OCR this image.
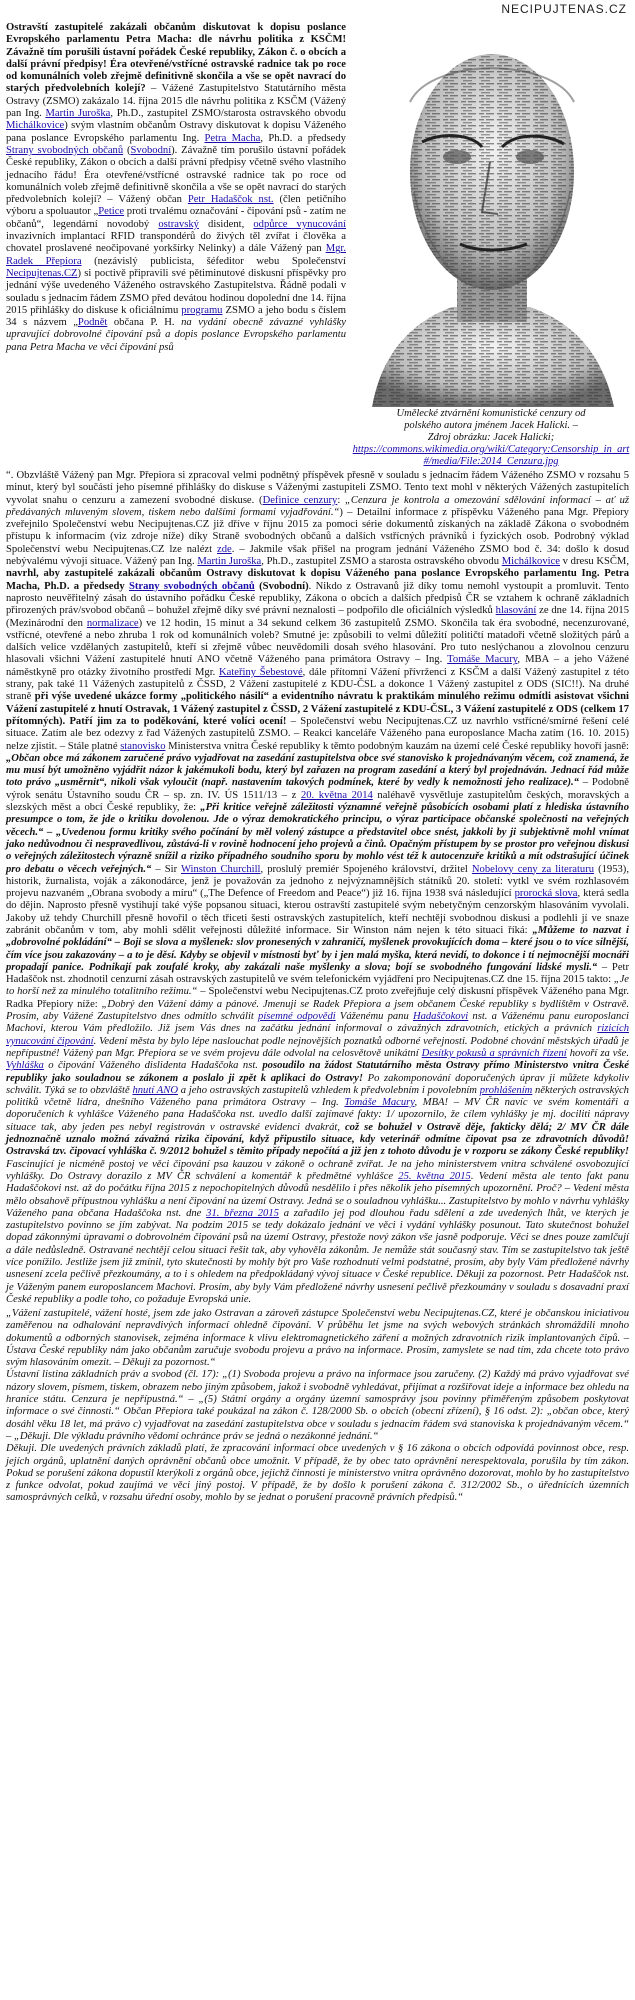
NECIPUJTENAS.CZ
Umělecké ztvárnění komunistické cenzury od
polského autora jménem Jacek Halicki. –
Zdroj obrázku: Jacek Halicki;
https://commons.wikimedia.org/wiki/Category:Censorship_in_art#/media/File:2014_Cenzura.jpg

Ostravští zastupitelé zakázali občanům diskutovat k dopisu poslance Evropského parlamentu Petra Macha: dle návrhu politika z KSČM! Závažně tím porušili ústavní pořádek České republiky, Zákon č. o obcích a další právní předpisy! Éra otevřené/vstřícné ostravské radnice tak po roce od komunálních voleb zřejmě definitivně skončila a vše se opět navrací do starých předvolebních kolejí? – Vážené Zastupitelstvo Statutárního města Ostravy (ZSMO) zakázalo 14. října 2015 dle návrhu politika z KSČM (Vážený pan Ing. Martin Juroška, Ph.D., zastupitel ZSMO/starosta ostravského obvodu Michálkovice) svým vlastním občanům Ostravy diskutovat k dopisu Váženého pana poslance Evropského parlamentu Ing. Petra Macha, Ph.D. a předsedy Strany svobodných občanů (Svobodní). Závažně tím porušilo ústavní pořádek České republiky, Zákon o obcích a další právní předpisy včetně svého vlastního jednacího řádu! Éra otevřené/vstřícné ostravské radnice tak po roce od komunálních voleb zřejmě definitivně skončila a vše se opět navrací do starých předvolebních kolejí? – Vážený občan Petr Hadaščok nst. (člen petičního výboru a spoluautor „Petice proti trvalému označování - čipování psů - zatím ne občanů“, legendární novodobý ostravský disident, odpůrce vynucování invazivních implantací RFID transpondérů do živých těl zvířat i člověka a chovatel proslavené neočipované yorkšírky Nelinky) a dále Vážený pan Mgr. Radek Přepiora (nezávislý publicista, šéfeditor webu Společenství Necipujtenas.CZ) si poctivě připravili své pětiminutové diskusní příspěvky pro jednání výše uvedeného Váženého ostravského Zastupitelstva. Řádně podali v souladu s jednacím řádem ZSMO před devátou hodinou dopolední dne 14. října 2015 přihlášky do diskuse k oficiálnímu programu ZSMO a jeho bodu s číslem 34 s názvem „Podnět občana P. H. na vydání obecně závazné vyhlášky upravující dobrovolné čipování psů a dopis poslance Evropského parlamentu pana Petra Macha ve věci čipování psů

“. Obzvláště Vážený pan Mgr. Přepiora si zpracoval velmi podnětný příspěvek přesně v souladu s jednacím řádem Váženého ZSMO v rozsahu 5 minut, který byl součástí jeho písemné přihlášky do diskuse s Váženými zastupiteli ZSMO. Tento text mohl v některých Vážených zastupitelích vyvolat snahu o cenzuru a zamezení svobodné diskuse. (Definice cenzury: „Cenzura je kontrola a omezování sdělování informací – ať už předávaných mluveným slovem, tiskem nebo dalšími formami vyjadřování.“) – Detailní informace z příspěvku Váženého pana Mgr. Přepiory zveřejnilo Společenství webu Necipujtenas.CZ již dříve v říjnu 2015 za pomoci série dokumentů získaných na základě Zákona o svobodném přístupu k informacím (viz zdroje níže) díky Straně svobodných občanů a dalších vstřícných právníků i fyzických osob. Podrobný výklad Společenství webu Necipujtenas.CZ lze nalézt zde. – Jakmile však přišel na program jednání Váženého ZSMO bod č. 34: došlo k dosud nebývalému vývoji situace. Vážený pan Ing. Martin Juroška, Ph.D., zastupitel ZSMO a starosta ostravského obvodu Michálkovice v dresu KSČM, navrhl, aby zastupitelé zakázali občanům Ostravy diskutovat k dopisu Váženého pana poslance Evropského parlamentu Ing. Petra Macha, Ph.D. a předsedy Strany svobodných občanů (Svobodní). Nikdo z Ostravanů již díky tomu nemohl vystoupit a promluvit. Tento naprosto neuvěřitelný zásah do ústavního pořádku České republiky, Zákona o obcích a dalších předpisů ČR se vztahem k ochraně základních přirozených práv/svobod občanů – bohužel zřejmě díky své právní neznalosti – podpořilo dle oficiálních výsledků hlasování ze dne 14. října 2015 (Mezinárodní den normalizace) ve 12 hodin, 15 minut a 34 sekund celkem 36 zastupitelů ZSMO. Skončila tak éra svobodné, necenzurované, vstřícné, otevřené a nebo zhruba 1 rok od komunálních voleb? Smutné je: způsobili to velmi důležití političtí matadoři včetně složitých párů a dalších velice vzdělaných zastupitelů, kteří si zřejmě vůbec neuvědomili dosah svého hlasování. Pro tuto neslýchanou a zlovolnou cenzuru hlasovali všichni Vážení zastupitelé hnutí ANO včetně Váženého pana primátora Ostravy – Ing. Tomáše Macury, MBA – a jeho Vážené náměstkyně pro otázky životního prostředí Mgr. Kateřiny Šebestové, dále přítomní Vážení přívrženci z KSČM a další Vážený zastupitel z této strany, pak také 11 Vážených zastupitelů z ČSSD, 2 Vážení zastupitelé z KDU-ČSL a dokonce 1 Vážený zastupitel z ODS (SIC!!). Na druhé straně při výše uvedené ukázce formy „politického násilí“ a evidentního návratu k praktikám minulého režimu odmítli asistovat všichni Vážení zastupitelé z hnutí Ostravak, 1 Vážený zastupitel z ČSSD, 2 Vážení zastupitelé z KDU-ČSL, 3 Vážení zastupitelé z ODS (celkem 17 přítomných). Patří jim za to poděkování, které volíci ocení! – Společenství webu Necipujtenas.CZ uz navrhlo vstřícné/smírné řešení celé situace. Zatím ale bez odezvy z řad Vážených zastupitelů ZSMO. – Reakci kanceláře Váženého pana europoslance Macha zatím (16. 10. 2015) nelze zjistit. – Stále platné stanovisko Ministerstva vnitra České republiky k těmto podobným kauzám na území celé České republiky hovoří jasně: „Občan obce má zákonem zaručené právo vyjadřovat na zasedání zastupitelstva obce své stanovisko k projednávaným věcem, což znamená, že mu musí být umožněno vyjádřit názor k jakémukoli bodu, který byl zařazen na program zasedání a který byl projednáván. Jednací řád může toto právo „usměrnit“, nikoli však vyloučit (např. nastavením takových podmínek, které by vedly k nemožnosti jeho realizace).“ – Podobně výrok senátu Ústavního soudu ČR – sp. zn. IV. ÚS 1511/13 – z 20. května 2014 naléhavě vysvětluje zastupitelům českých, moravských a slezských měst a obcí České republiky, že: „Při kritice veřejně záležitosti významné veřejně působících osobami platí z hlediska ústavního presumpce o tom, že jde o kritiku dovolenou. Jde o výraz demokratického principu, o výraz participace občanské společnosti na veřejných věcech.“ – „Uvedenou formu kritiky svého počínání by měl volený zástupce a představitel obce snést, jakkoli by ji subjektivně mohl vnímat jako nedůvodnou či nespravedlivou, zůstává-li v rovině hodnocení jeho projevů a činů. Opačným přístupem by se prostor pro veřejnou diskusi o veřejných záležitostech výrazně snížil a riziko případného soudního sporu by mohlo vést též k autocenzuře kritiků a mít odstrašující účinek pro debatu o věcech veřejných.“ – Sir Winston Churchill, proslulý premiér Spojeného království, držitel Nobelovy ceny za literaturu (1953), historik, žurnalista, voják a zákonodárce, jenž je považován za jednoho z nejvýznamnějších státníků 20. století: vytkl ve svém rozhlasovém projevu nazvaném „Obrana svobody a míru“ („The Defence of Freedom and Peace“) již 16. října 1938 svá následující prorocká slova, která sedla do dějin. Naprosto přesně vystihují také výše popsanou situaci, kterou ostravští zastupitelé svým nebetyčným cenzorským hlasováním vyvolali. Jakoby už tehdy Churchill přesně hovořil o těch třiceti šesti ostravských zastupitelích, kteří nechtějí svobodnou diskusi a podlehli jí ve snaze zabránit občanům v tom, aby mohli sdělit veřejnosti důležité informace. Sir Winston nám nejen k této situaci říká: „Můžeme to nazvat i „dobrovolné pokládání“ – Boji se slova a myšlenek: slov pronesených v zahraničí, myšlenek provokujících doma – které jsou o to více silnější, čím více jsou zakazovány – a to je děsí. Kdyby se objevil v místnosti byť by i jen malá myška, která nevidí, to dokonce i tí nejmocnější mocnáři propadají panice. Podnikají pak zoufalé kroky, aby zakázali naše myšlenky a slova; bojí se svobodného fungování lidské mysli.“ – Petr Hadaščok nst. zhodnotil cenzurní zásah ostravských zastupitelů ve svém telefonickém vyjádření pro Necipujtenas.CZ dne 15. října 2015 takto: „Je to horší než za minulého totalitního režimu.“ – Společenství webu Necipujtenas.CZ proto zveřejňuje celý diskusní příspěvek Váženého pana Mgr. Radka Přepiory níže: „Dobrý den Vážení dámy a pánové. Jmenuji se Radek Přepiora a jsem občanem České republiky s bydlištěm v Ostravě. Prosím, aby Vážené Zastupitelstvo dnes odmítlo schválit písemné odpovědi Váženému panu Hadaščokovi nst. a Váženému panu europoslanci Machovi, kterou Vám předložilo. Již jsem Vás dnes na začátku jednání informoval o závažných zdravotních, etických a právních rizicích vynucování čipování. Vedení města by bylo lépe naslouchat podle nejnovějších poznatků odborné veřejnosti. Podobné chování městských úřadů je nepřípustné! Vážený pan Mgr. Přepiora se ve svém projevu dále odvolal na celosvětově unikátní Desítky pokusů a správních řízení hovoří za vše. Vyhláška o čipování Váženého dislidenta Hadaščoka nst. posoudilo na žádost Statutárního města Ostravy přímo Ministerstvo vnitra České republiky jako souladnou se zákonem a poslalo ji zpět k aplikaci do Ostravy! Po zakomponování doporučených úprav ji můžete kdykoliv schválit. Týká se to obzvláště hnutí ANO a jeho ostravských zastupitelů vzhledem k předvolebním i povolebním prohlášením některých ostravských politiků včetně lídra, dnešního Váženého pana primátora Ostravy – Ing. Tomáše Macury, MBA! – MV ČR navíc ve svém komentáři a doporučeních k vyhlášce Váženého pana Hadaščoka nst. uvedlo další zajímavé fakty: 1/ upozornilo, že cílem vyhlášky je mj. dociliti nápravy situace tak, aby jeden pes nebyl registrován v ostravské evidenci dvakrát, což se bohužel v Ostravě děje, fakticky dělá; 2/ MV ČR dále jednoznačně uznalo možná závažná rizika čipování, když připustilo situace, kdy veterinář odmítne čipovat psa ze zdravotních důvodů! Ostravská tzv. čipovací vyhláška č. 9/2012 bohužel s těmito případy nepočítá a již jen z tohoto důvodu je v rozporu se zákony České republiky! Fascinující je nicméně postoj ve věci čipování psa kauzou v zákoně o ochraně zvířat. Je na jeho ministerstvem vnitra schválené osvobozující vyhlášky. Do Ostravy dorazilo z MV ČR schválení a komentář k předmětné vyhlášce 25. května 2015. Vedení města ale tento fakt panu Hadaščokovi nst. až do počátku října 2015 z nepochopitelných důvodů nesdělilo i přes několik jeho písemných upozornění. Proč? – Vedení města mělo obsahově přípustnou vyhlášku a není čipování na území Ostravy. Jedná se o souladnou vyhlášku... Zastupitelstvo by mohlo v návrhu vyhlášky Váženého pana občana Hadaščoka nst. dne 31. března 2015 a zařadilo jej pod dlouhou řadu sdělení a zde uvedených lhůt, ve kterých je zastupitelstvo povinno se jím zabývat. Na podzim 2015 se tedy dokázalo jednání ve věci i vydání vyhlášky posunout. Tato skutečnost bohužel dopad zákonnými úpravami o dobrovolném čipování psů na území Ostravy, přestože nový zákon vše jasně podporuje. Věci se dnes pouze zamlčují a dále nedůsledně. Ostravané nechtějí celou situaci řešit tak, aby vyhověla zákonům. Je nemůže stát současný stav. Tím se zastupitelstvo tak ještě více ponížilo. Jestliže jsem již zmínil, tyto skutečnosti by mohly být pro Vaše rozhodnutí velmi podstatné, prosím, aby byly Vám předložené návrhy usnesení zcela pečlivě přezkoumány, a to i s ohledem na předpokládaný vývoj situace v České republice. Děkuji za pozornost. Petr Hadaščok nst. je Váženým panem europoslancem Machovi. Prosím, aby byly Vám předložené návrhy usnesení pečlivě přezkoumány v souladu s dosavadní praxí České republiky a podle toho, co požaduje Evropská unie.

„Vážení zastupitelé, vážení hosté, jsem zde jako Ostravan a zároveň zástupce Společenství webu Necipujtenas.CZ, které je občanskou iniciativou zaměřenou na odhalování nepravdivých informací ohledně čipování. V průběhu let jsme na svých webových stránkách shromáždili mnoho dokumentů a odborných stanovisek, zejména informace k vlivu elektromagnetického záření a možných zdravotních rizik implantovaných čipů. – Ústava České republiky nám jako občanům zaručuje svobodu projevu a právo na informace. Prosím, zamyslete se nad tím, zda chcete toto právo svým hlasováním omezit. – Děkuji za pozornost.“

Ústavní listina základních práv a svobod (čl. 17): „(1) Svoboda projevu a právo na informace jsou zaručeny. (2) Každý má právo vyjadřovat své názory slovem, písmem, tiskem, obrazem nebo jiným způsobem, jakož i svobodně vyhledávat, přijímat a rozšiřovat ideje a informace bez ohledu na hranice státu. Cenzura je nepřípustná.“ – „(5) Státní orgány a orgány územní samosprávy jsou povinny přiměřeným způsobem poskytovat informace o své činnosti.“ Občan Přepiora také poukázal na zákon č. 128/2000 Sb. o obcích (obecní zřízení), § 16 odst. 2): „občan obce, který dosáhl věku 18 let, má právo c) vyjadřovat na zasedání zastupitelstva obce v souladu s jednacím řádem svá stanoviska k projednávaným věcem.“ – „Děkuji. Dle výkladu právního vědomí ochránce práv se jedná o nezákonné jednání.“

Děkuji. Dle uvedených právních základů platí, že zpracování informací obce uvedených v § 16 zákona o obcích odpovídá povinnost obce, resp. jejích orgánů, uplatnění daných oprávnění občanů obce umožnit. V případě, že by obec tato oprávnění nerespektovala, porušila by tím zákon. Pokud se porušení zákona dopustil kterýkoli z orgánů obce, jejichž činnosti je ministerstvo vnitra oprávněno dozorovat, mohlo by ho zastupitelstvo z funkce odvolat, pokud zaujímá ve věci jiný postoj. V případě, že by došlo k porušení zákona č. 312/2002 Sb., o úřednících územních samosprávných celků, v rozsahu úřední osoby, mohlo by se jednat o porušení pracovně právních předpisů.“
